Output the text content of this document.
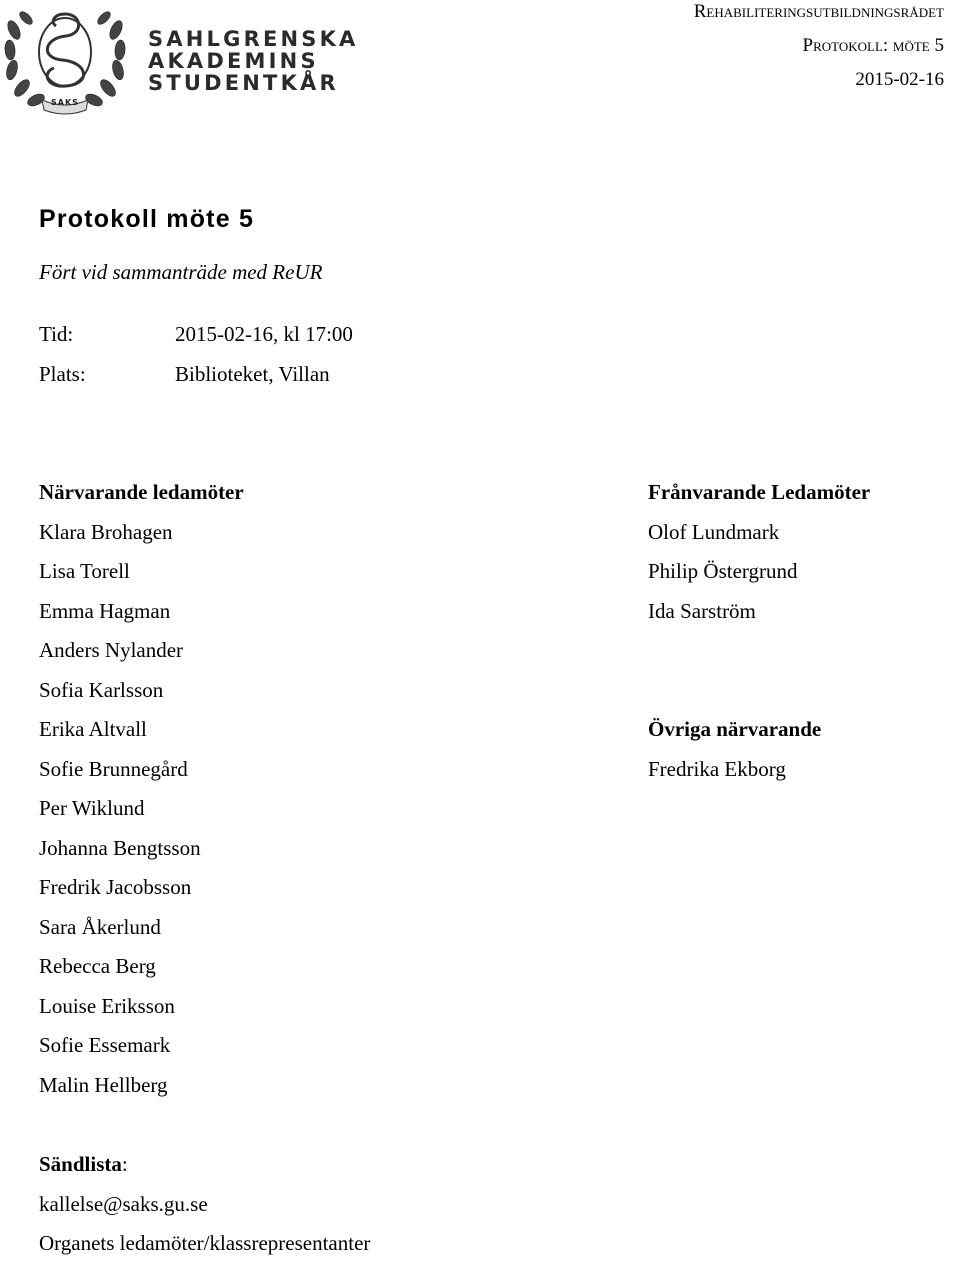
SAKS
SAHLGRENSKA
AKADEMINS
STUDENTKÅR
Rehabiliteringsutbildningsrådet
Protokoll: möte 5
2015-02-16
Protokoll möte 5
Fört vid sammanträde med ReUR
Tid:	2015-02-16, kl 17:00
Plats:	Biblioteket, Villan
Närvarande ledamöter
Klara Brohagen
Lisa Torell
Emma Hagman
Anders Nylander
Sofia Karlsson
Erika Altvall
Sofie Brunnegård
Per Wiklund
Johanna Bengtsson
Fredrik Jacobsson
Sara Åkerlund
Rebecca Berg
Louise Eriksson
Sofie Essemark
Malin Hellberg
Frånvarande Ledamöter
Olof Lundmark
Philip Östergrund
Ida Sarström
Övriga närvarande
Fredrika Ekborg
Sändlista:
kallelse@saks.gu.se
Organets ledamöter/klassrepresentanter
